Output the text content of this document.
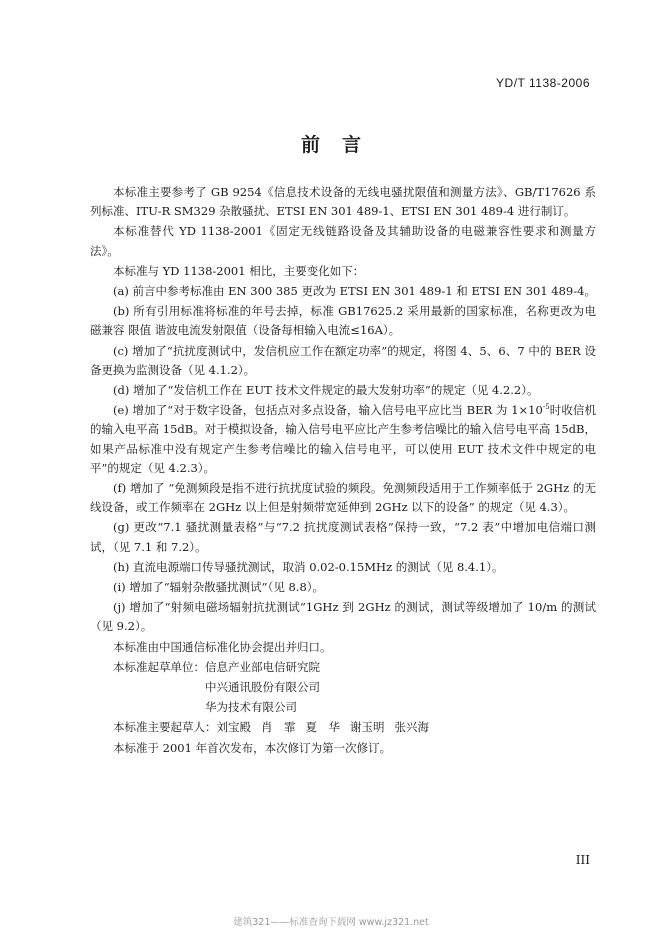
YD/T 1138-2006
前言

本标准主要参考了 GB 9254《信息技术设备的无线电骚扰限值和测量方法》、GB/T17626 系列标准、ITU-R SM329 杂散骚扰、ETSI EN 301 489-1、ETSI EN 301 489-4 进行制订。

本标准替代 YD 1138-2001《固定无线链路设备及其辅助设备的电磁兼容性要求和测量方法》。

本标准与 YD 1138-2001 相比，主要变化如下：

(a) 前言中参考标准由 EN 300 385 更改为 ETSI EN 301 489-1 和 ETSI EN 301 489-4。

(b) 所有引用标准将标准的年号去掉，标准 GB17625.2 采用最新的国家标准，名称更改为电磁兼容 限值 谐波电流发射限值（设备每相输入电流≤16A）。

(c) 增加了“抗扰度测试中，发信机应工作在额定功率”的规定，将图 4、5、6、7 中的 BER 设备更换为监测设备（见 4.1.2）。

(d) 增加了“发信机工作在 EUT 技术文件规定的最大发射功率”的规定（见 4.2.2）。

(e) 增加了“对于数字设备，包括点对多点设备，输入信号电平应比当 BER 为 $1\times 10^{-5}$时收信机的输入电平高 15dB。对于模拟设备，输入信号电平应比产生参考信噪比的输入信号电平高 15dB，如果产品标准中没有规定产生参考信噪比的输入信号电平，可以使用 EUT 技术文件中规定的电平”的规定（见 4.2.3）。

(f) 增加了 “免测频段是指不进行抗扰度试验的频段。免测频段适用于工作频率低于 2GHz 的无线设备，或工作频率在 2GHz 以上但是射频带宽延伸到 2GHz 以下的设备” 的规定（见 4.3）。

(g) 更改“7.1 骚扰测量表格”与“7.2 抗扰度测试表格”保持一致，“7.2 表”中增加电信端口测试，（见 7.1 和 7.2）。

(h) 直流电源端口传导骚扰测试，取消 0.02-0.15MHz 的测试（见 8.4.1）。

(i) 增加了“辐射杂散骚扰测试”（见 8.8）。

(j) 增加了“射频电磁场辐射抗扰测试”1GHz 到 2GHz 的测试，测试等级增加了 10/m 的测试（见 9.2）。

本标准由中国通信标准化协会提出并归口。

本标准起草单位：信息产业部电信研究院

中兴通讯股份有限公司

华为技术有限公司

本标准主要起草人：刘宝殿 肖　霏 夏　华 谢玉明 张兴海

本标准于 2001 年首次发布，本次修订为第一次修订。

III
建筑321——标准查询下载网 www.jz321.net
